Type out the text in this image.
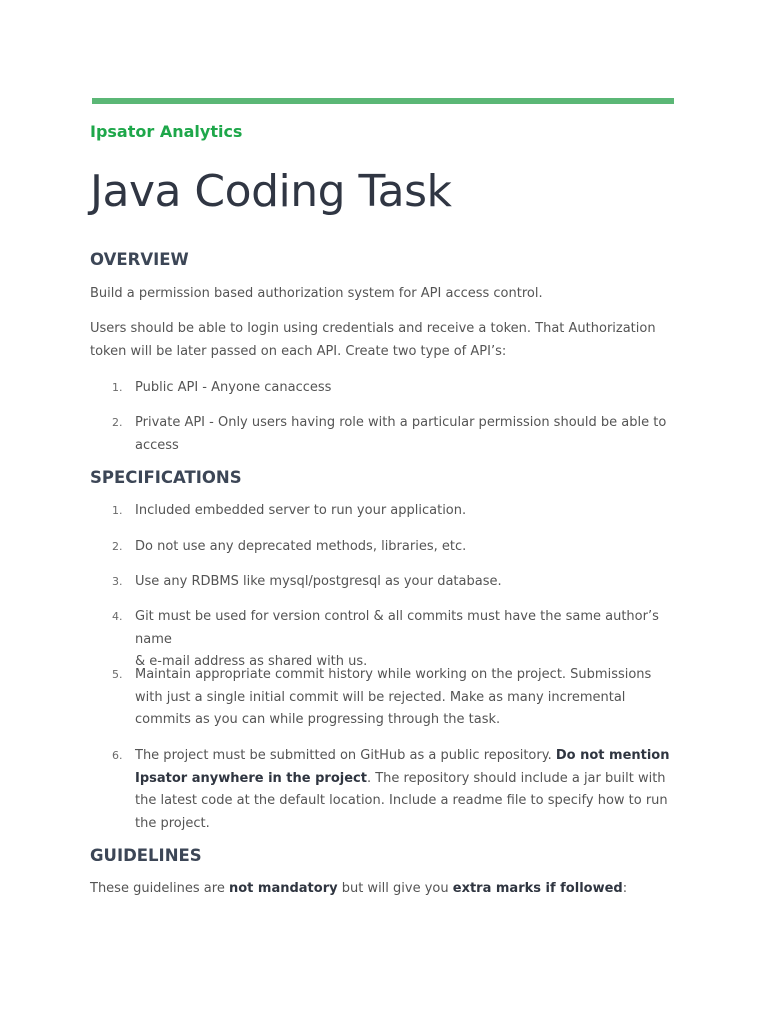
Ipsator Analytics
Java Coding Task
OVERVIEW
Build a permission based authorization system for API access control.
Users should be able to login using credentials and receive a token. That Authorization token will be later passed on each API. Create two type of API’s:
1. Public API - Anyone canaccess
2. Private API - Only users having role with a particular permission should be able to access
SPECIFICATIONS
1. Included embedded server to run your application.
2. Do not use any deprecated methods, libraries, etc.
3. Use any RDBMS like mysql/postgresql as your database.
4. Git must be used for version control & all commits must have the same author’s name
& e-mail address as shared with us.
5. Maintain appropriate commit history while working on the project. Submissions with just a single initial commit will be rejected. Make as many incremental commits as you can while progressing through the task.
6. The project must be submitted on GitHub as a public repository. Do not mention Ipsator anywhere in the project. The repository should include a jar built with the latest code at the default location. Include a readme file to specify how to run the project.
GUIDELINES
These guidelines are not mandatory but will give you extra marks if followed:
